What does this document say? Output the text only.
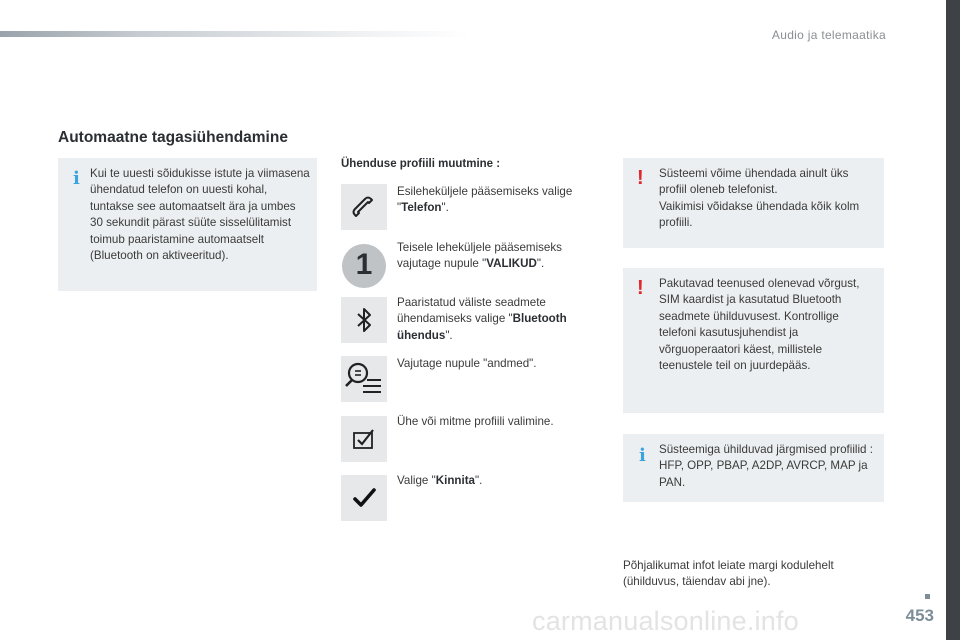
Audio ja telemaatika
Automaatne tagasiühendamine
i Kui te uuesti sõidukisse istute ja viimasena ühendatud telefon on uuesti kohal, tuntakse see automaatselt ära ja umbes 30 sekundit pärast süüte sisselülitamist toimub paaristamine automaatselt (Bluetooth on aktiveeritud).
Ühenduse profiili muutmine :
Esileheküljele pääsemiseks valige "Telefon".
1
Teisele leheküljele pääsemiseks vajutage nupule "VALIKUD".
Paaristatud väliste seadmete ühendamiseks valige "Bluetooth ühendus".
Vajutage nupule "andmed".
Ühe või mitme profiili valimine.
Valige "Kinnita".
! Süsteemi võime ühendada ainult üks profiil oleneb telefonist.
Vaikimisi võidakse ühendada kõik kolm profiili.
! Pakutavad teenused olenevad võrgust, SIM kaardist ja kasutatud Bluetooth seadmete ühilduvusest. Kontrollige telefoni kasutusjuhendist ja võrguoperaatori käest, millistele teenustele teil on juurdepääs.
i Süsteemiga ühilduvad järgmised profiilid : HFP, OPP, PBAP, A2DP, AVRCP, MAP ja PAN.
Põhjalikumat infot leiate margi kodulehelt (ühilduvus, täiendav abi jne).
carmanualsonline.info	453
